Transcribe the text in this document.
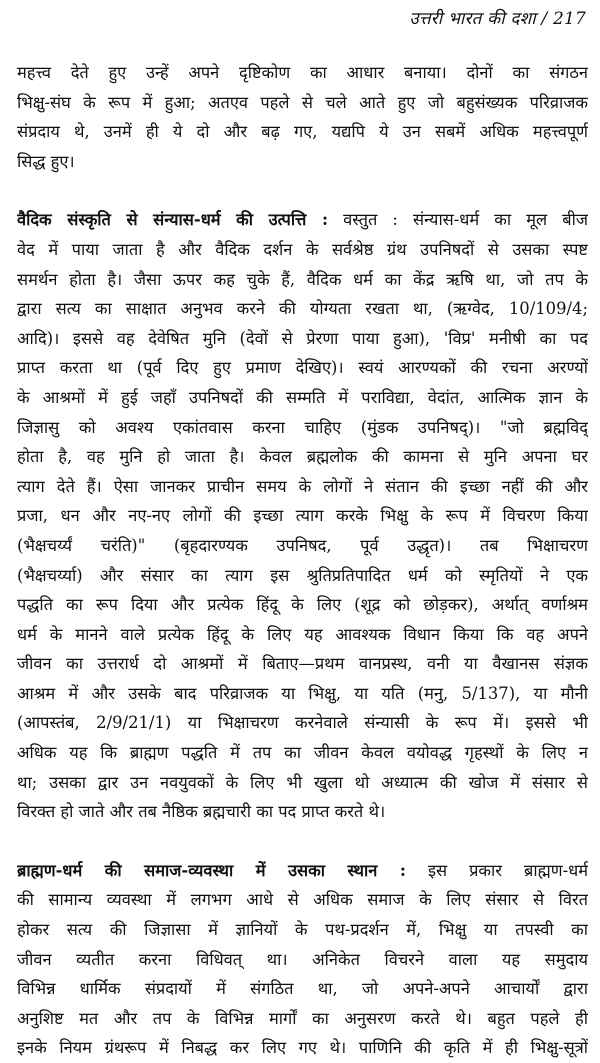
उत्तरी भारत की दशा / 217
महत्त्व देते हुए उन्हें अपने दृष्टिकोण का आधार बनाया। दोनों का संगठन
भिक्षु-संघ के रूप में हुआ; अतएव पहले से चले आते हुए जो बहुसंख्यक परिव्राजक
संप्रदाय थे, उनमें ही ये दो और बढ़ गए, यद्यपि ये उन सबमें अधिक महत्त्वपूर्ण
सिद्ध हुए।
वैदिक संस्कृति से संन्यास-धर्म की उत्पत्ति : वस्तुत : संन्यास-धर्म का मूल बीज
वेद में पाया जाता है और वैदिक दर्शन के सर्वश्रेष्ठ ग्रंथ उपनिषदों से उसका स्पष्ट
समर्थन होता है। जैसा ऊपर कह चुके हैं, वैदिक धर्म का केंद्र ऋषि था, जो तप के
द्वारा सत्य का साक्षात अनुभव करने की योग्यता रखता था, (ऋग्वेद, 10/109/4;
आदि)। इससे वह देवेषित मुनि (देवों से प्रेरणा पाया हुआ), 'विप्र' मनीषी का पद
प्राप्त करता था (पूर्व दिए हुए प्रमाण देखिए)। स्वयं आरण्यकों की रचना अरण्यों
के आश्रमों में हुई जहाँ उपनिषदों की सम्मति में पराविद्या, वेदांत, आत्मिक ज्ञान के
जिज्ञासु को अवश्य एकांतवास करना चाहिए (मुंडक उपनिषद्)। "जो ब्रह्मविद्
होता है, वह मुनि हो जाता है। केवल ब्रह्मलोक की कामना से मुनि अपना घर
त्याग देते हैं। ऐसा जानकर प्राचीन समय के लोगों ने संतान की इच्छा नहीं की और
प्रजा, धन और नए-नए लोगों की इच्छा त्याग करके भिक्षु के रूप में विचरण किया
(भैक्षचर्य्यं चरंति)" (बृहदारण्यक उपनिषद, पूर्व उद्धृत)। तब भिक्षाचरण
(भैक्षचर्य्या) और संसार का त्याग इस श्रुतिप्रतिपादित धर्म को स्मृतियों ने एक
पद्धति का रूप दिया और प्रत्येक हिंदू के लिए (शूद्र को छोड़कर), अर्थात् वर्णाश्रम
धर्म के मानने वाले प्रत्येक हिंदू के लिए यह आवश्यक विधान किया कि वह अपने
जीवन का उत्तरार्ध दो आश्रमों में बिताए—प्रथम वानप्रस्थ, वनी या वैखानस संज्ञक
आश्रम में और उसके बाद परिव्राजक या भिक्षु, या यति (मनु, 5/137), या मौनी
(आपस्तंब, 2/9/21/1) या भिक्षाचरण करनेवाले संन्यासी के रूप में। इससे भी
अधिक यह कि ब्राह्मण पद्धति में तप का जीवन केवल वयोवद्ध गृहस्थों के लिए न
था; उसका द्वार उन नवयुवकों के लिए भी खुला थो अध्यात्म की खोज में संसार से
विरक्त हो जाते और तब नैष्ठिक ब्रह्मचारी का पद प्राप्त करते थे।
ब्राह्मण-धर्म की समाज-व्यवस्था में उसका स्थान : इस प्रकार ब्राह्मण-धर्म
की सामान्य व्यवस्था में लगभग आधे से अधिक समाज के लिए संसार से विरत
होकर सत्य की जिज्ञासा में ज्ञानियों के पथ-प्रदर्शन में, भिक्षु या तपस्वी का
जीवन व्यतीत करना विधिवत् था। अनिकेत विचरने वाला यह समुदाय
विभिन्न धार्मिक संप्रदायों में संगठित था, जो अपने-अपने आचार्यों द्वारा
अनुशिष्ट मत और तप के विभिन्न मार्गों का अनुसरण करते थे। बहुत पहले ही
इनके नियम ग्रंथरूप में निबद्ध कर लिए गए थे। पाणिनि की कृति में ही भिक्षु-सूत्रों
